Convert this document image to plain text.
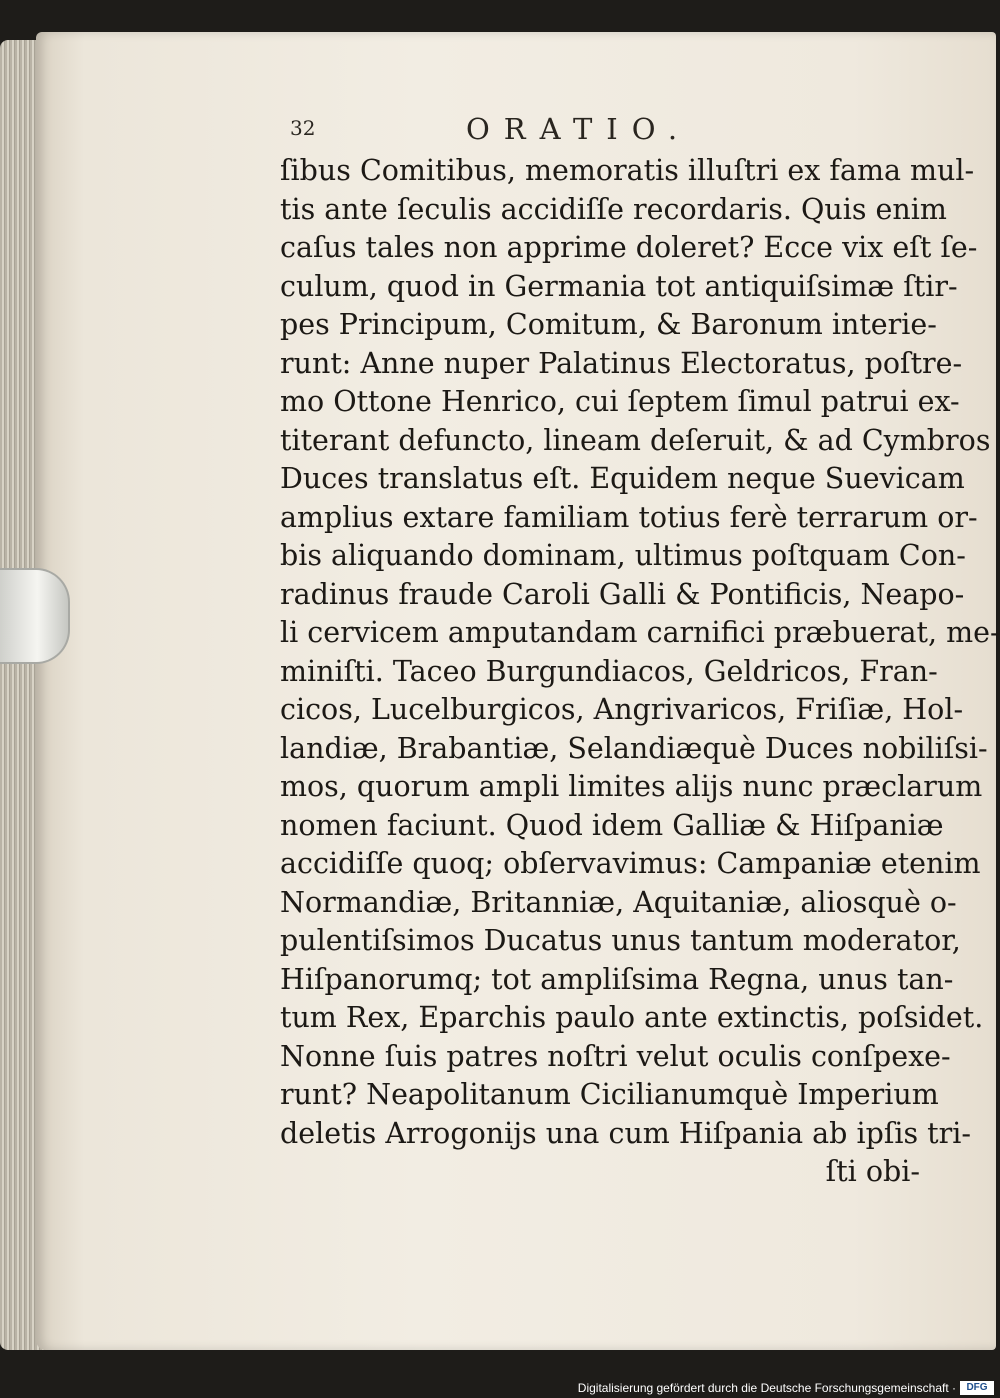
32	ORATIO.
ſibus Comitibus, memoratis illuſtri ex fama mul-
tis ante ſeculis accidiſſe recordaris. Quis enim
caſus tales non apprime doleret? Ecce vix eſt ſe-
culum, quod in Germania tot antiquiſsimæ ſtir-
pes Principum, Comitum, & Baronum interie-
runt: Anne nuper Palatinus Electoratus, poſtre-
mo Ottone Henrico, cui ſeptem ſimul patrui ex-
titerant defuncto, lineam deſeruit, & ad Cymbros
Duces translatus eſt. Equidem neque Suevicam
amplius extare familiam totius ferè terrarum or-
bis aliquando dominam, ultimus poſtquam Con-
radinus fraude Caroli Galli & Pontificis, Neapo-
li cervicem amputandam carnifici præbuerat, me-
miniſti. Taceo Burgundiacos, Geldricos, Fran-
cicos, Lucelburgicos, Angrivaricos, Friſiæ, Hol-
landiæ, Brabantiæ, Selandiæquè Duces nobiliſsi-
mos, quorum ampli limites alijs nunc præclarum
nomen faciunt. Quod idem Galliæ & Hiſpaniæ
accidiſſe quoq; obſervavimus: Campaniæ etenim
Normandiæ, Britanniæ, Aquitaniæ, aliosquè o-
pulentiſsimos Ducatus unus tantum moderator,
Hiſpanorumq; tot ampliſsima Regna, unus tan-
tum Rex, Eparchis paulo ante extinctis, poſsidet.
Nonne ſuis patres noſtri velut oculis conſpexe-
runt? Neapolitanum Cicilianumquè Imperium
deletis Arrogonijs una cum Hiſpania ab ipſis tri-
ſti obi-
Digitalisierung gefördert durch die Deutsche Forschungsgemeinschaft ·	DFG
